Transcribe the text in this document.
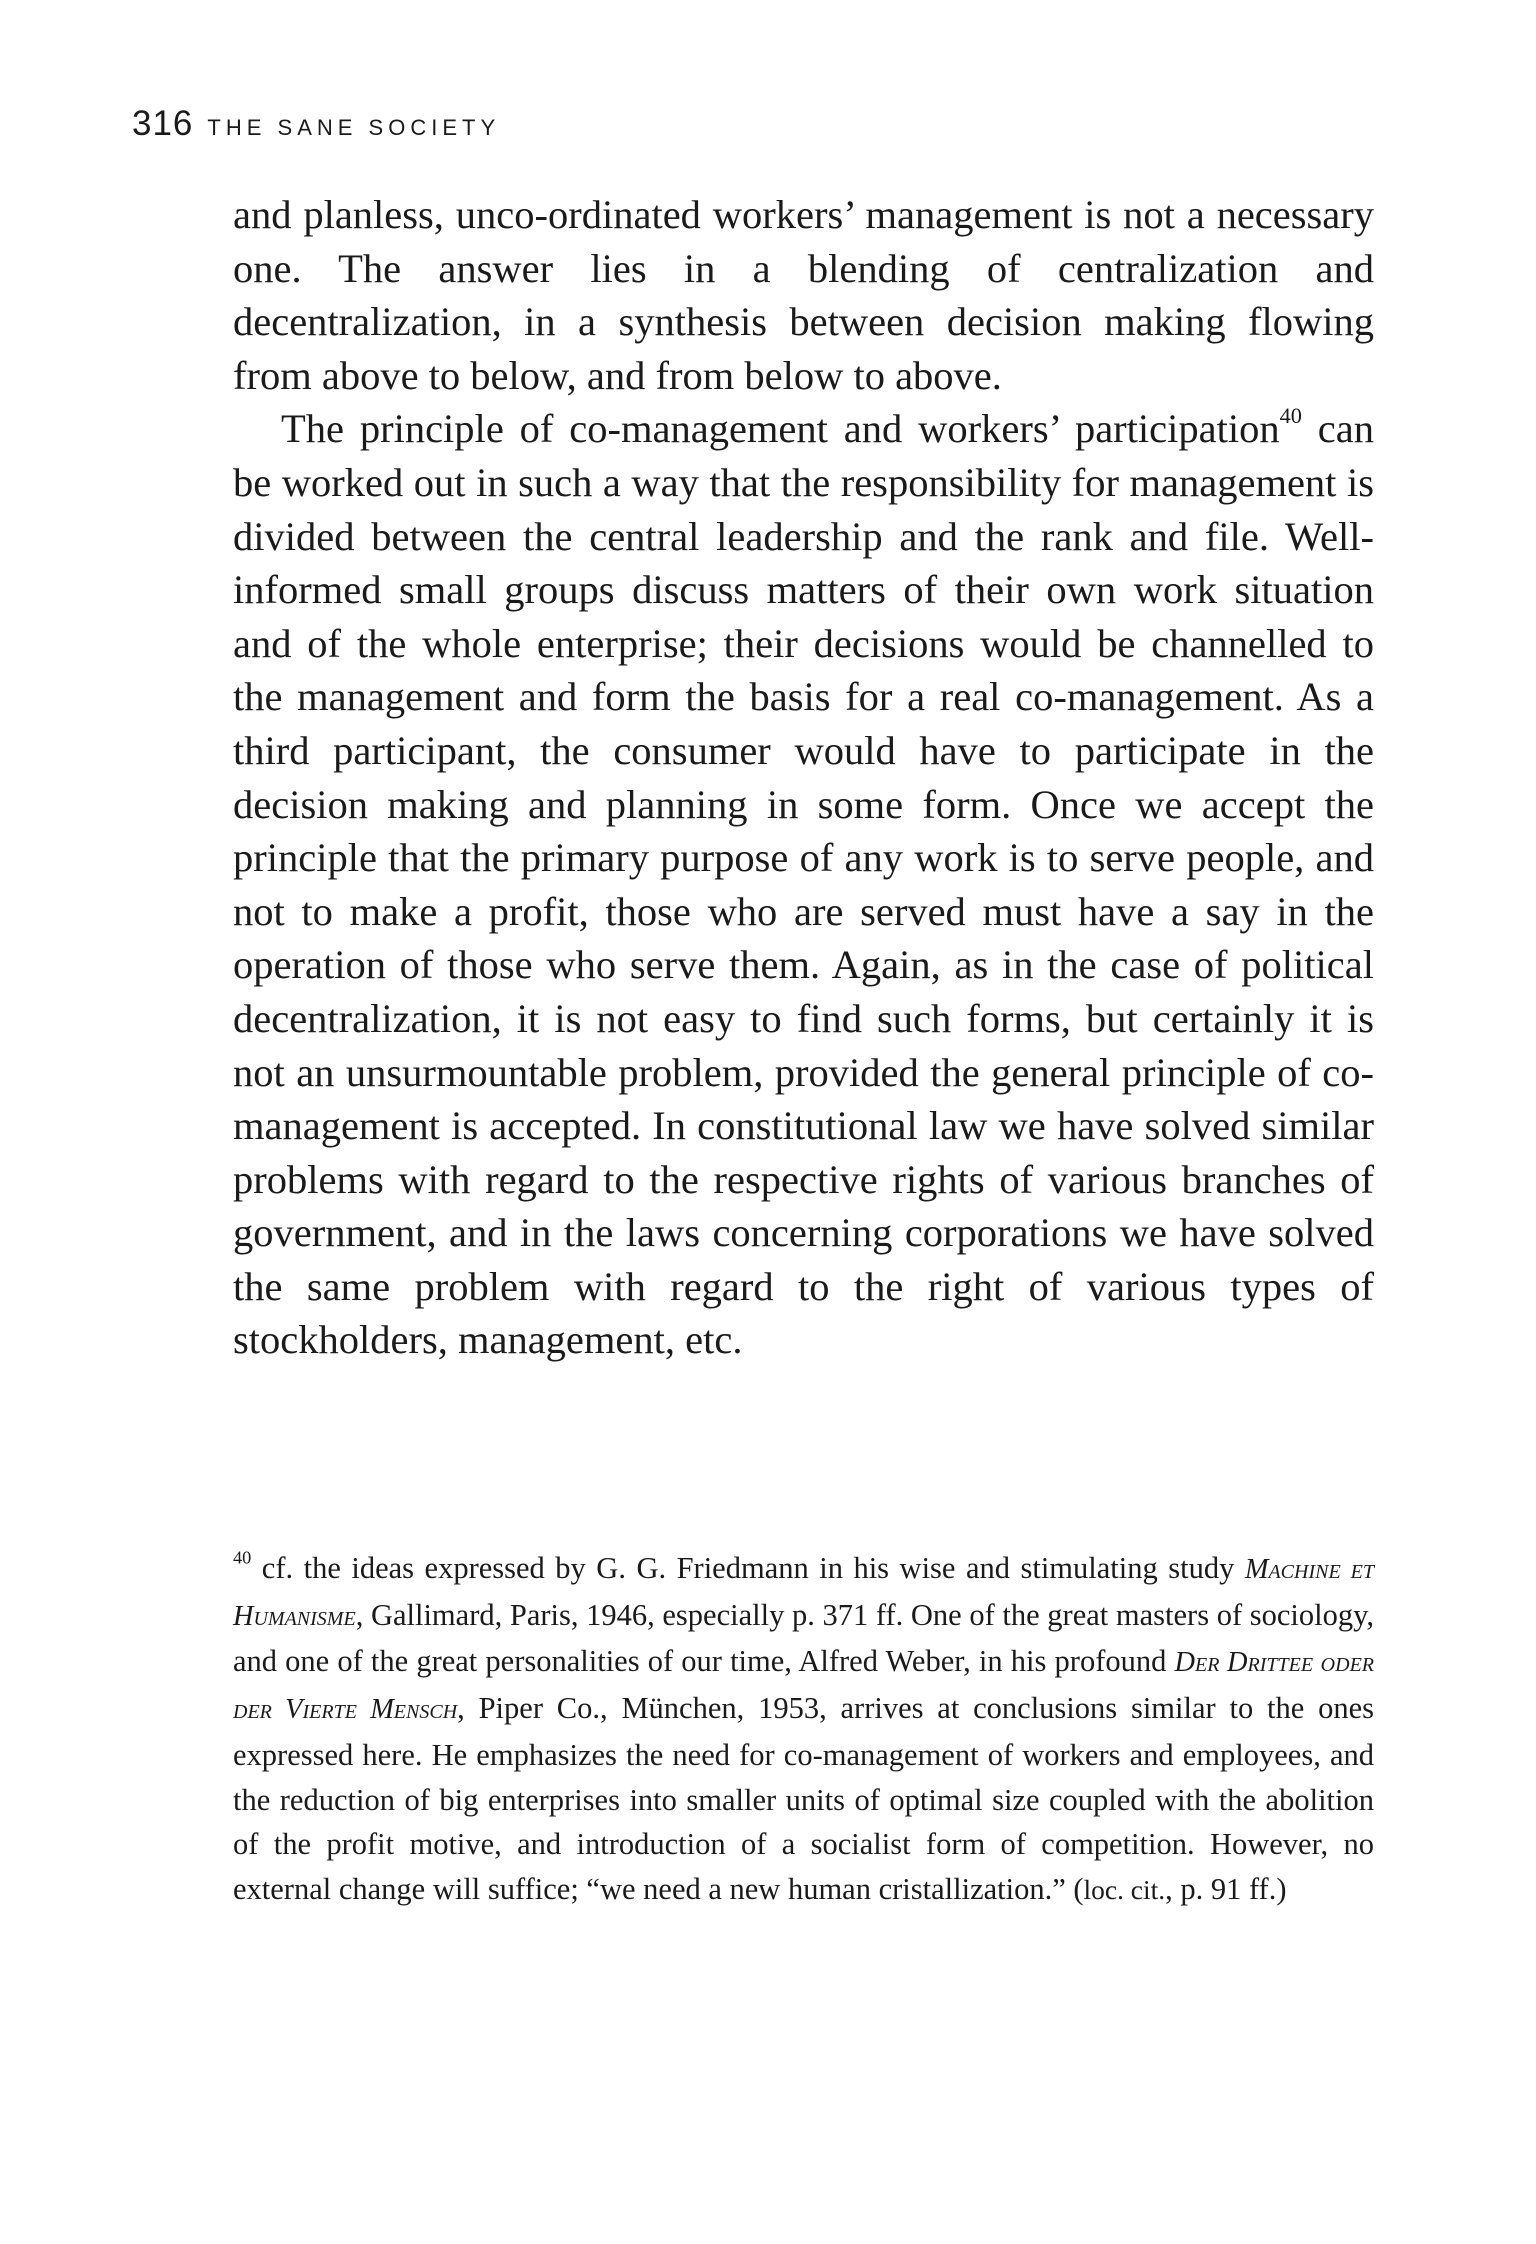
316 THE SANE SOCIETY

and planless, unco-ordinated workers’ management is not a necessary one. The answer lies in a blending of centralization and decentralization, in a synthesis between decision making flowing from above to below, and from below to above.

The principle of co-management and workers’ participation$^{40}$ can be worked out in such a way that the responsibility for management is divided between the central leadership and the rank and file. Well-informed small groups discuss matters of their own work situation and of the whole enterprise; their decisions would be channelled to the management and form the basis for a real co-management. As a third participant, the consumer would have to participate in the decision making and planning in some form. Once we accept the principle that the primary purpose of any work is to serve people, and not to make a profit, those who are served must have a say in the operation of those who serve them. Again, as in the case of political decentralization, it is not easy to find such forms, but certainly it is not an unsurmountable problem, provided the general principle of co-management is accepted. In constitutional law we have solved similar problems with regard to the respective rights of various branches of government, and in the laws concerning corporations we have solved the same problem with regard to the right of various types of stockholders, management, etc.

$^{40}$ cf. the ideas expressed by G. G. Friedmann in his wise and stimulating study Machine et Humanisme, Gallimard, Paris, 1946, especially p. 371 ff. One of the great masters of sociology, and one of the great personalities of our time, Alfred Weber, in his profound Der Drittee oder der Vierte Mensch, Piper Co., München, 1953, arrives at conclusions similar to the ones expressed here. He emphasizes the need for co-management of workers and employees, and the reduction of big enterprises into smaller units of optimal size coupled with the abolition of the profit motive, and introduction of a socialist form of competition. However, no external change will suffice; “we need a new human cristallization.” (loc. cit., p. 91 ff.)
